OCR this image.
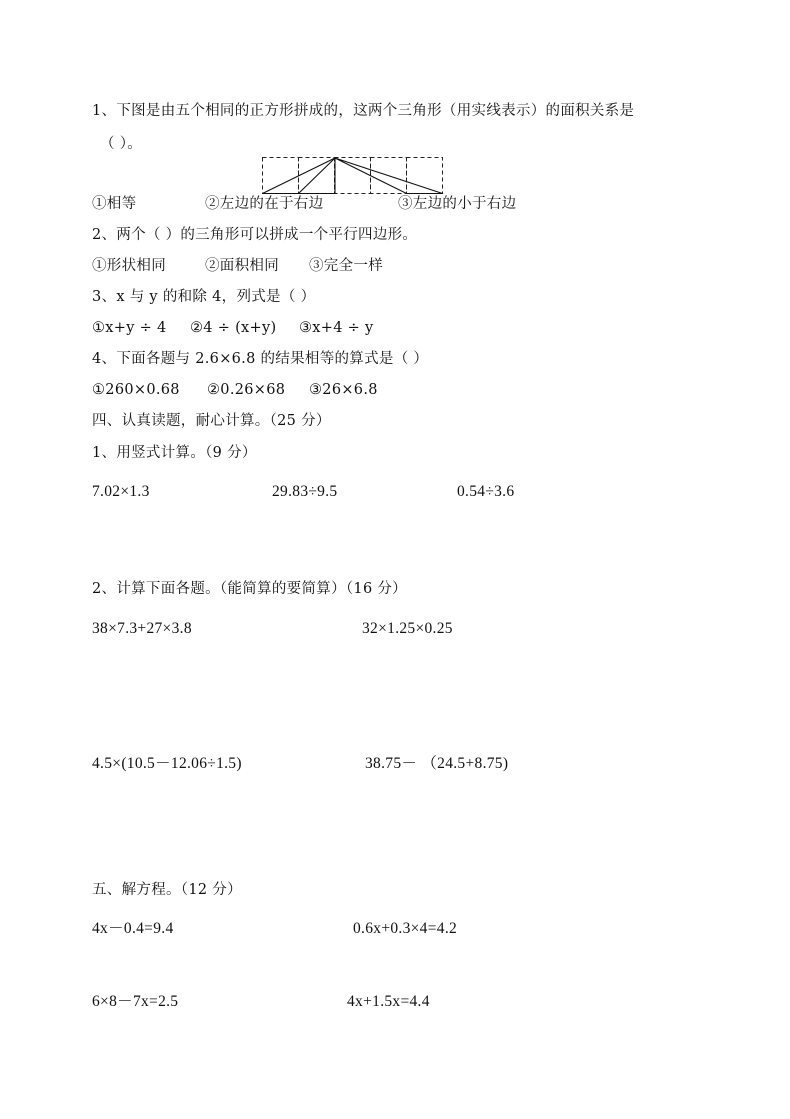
1、下图是由五个相同的正方形拼成的，这两个三角形（用实线表示）的面积关系是
（ ）。
①相等	②左边的在于右边	③左边的小于右边
2、两个（ ）的三角形可以拼成一个平行四边形。
①形状相同	②面积相同 ③完全一样
3、x 与 y 的和除 4，列式是（ ）
①x+y ÷ 4 ②4 ÷ (x+y) ③x+4 ÷ y
4、下面各题与 2.6×6.8 的结果相等的算式是（ ）
①260×0.68 ②0.26×68 ③26×6.8
四、认真读题，耐心计算。（25 分）
1、用竖式计算。（9 分）
7.02×1.3	29.83÷9.5	0.54÷3.6
2、计算下面各题。（能简算的要简算）（16 分）
38×7.3+27×3.8	32×1.25×0.25
4.5×(10.5－12.06÷1.5)	38.75－ （24.5+8.75)
五、解方程。（12 分）
4x－0.4=9.4	0.6x+0.3×4=4.2
6×8－7x=2.5	4x+1.5x=4.4
